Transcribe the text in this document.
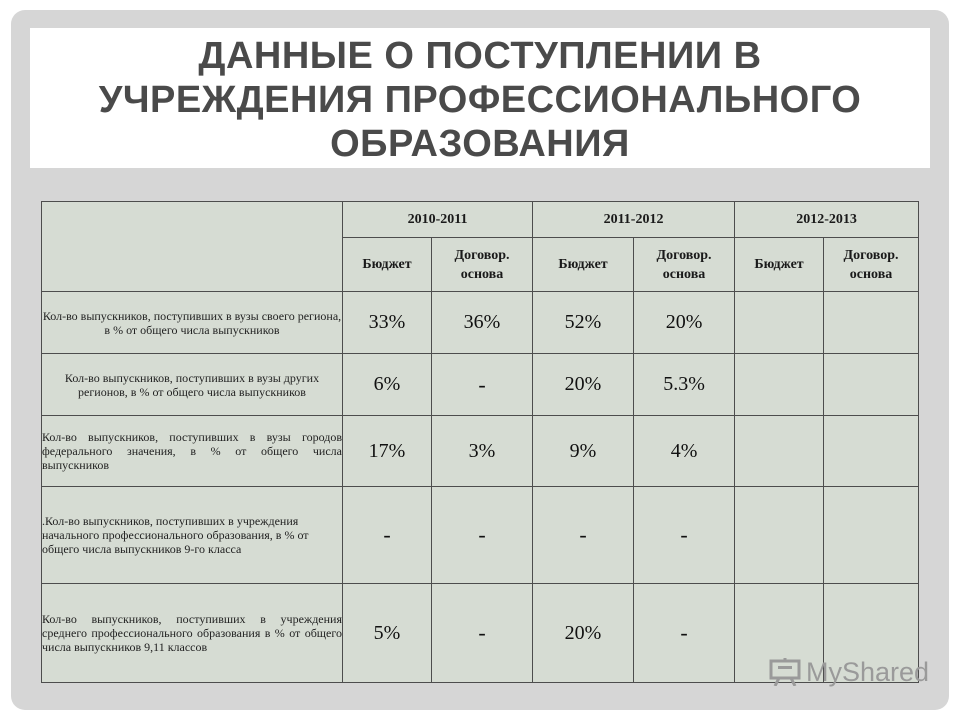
ДАННЫЕ О ПОСТУПЛЕНИИ В
УЧРЕЖДЕНИЯ ПРОФЕССИОНАЛЬНОГО
ОБРАЗОВАНИЯ
	2010-2011		2011-2012		2012-2013	
	Бюджет	Договор. основа	Бюджет	Договор. основа	Бюджет	Договор. основа
Кол-во выпускников, поступивших в вузы своего региона, в % от общего числа выпускников	33%	36%	52%	20%		
Кол-во выпускников, поступивших в вузы других регионов, в % от общего числа выпускников	6%	-	20%	5.3%		
Кол-во выпускников, поступивших в вузы городов федерального значения, в % от общего числа выпускников	17%	3%	9%	4%		
.Кол-во выпускников, поступивших в учреждения начального профессионального образования, в % от общего числа выпускников 9-го класса	-	-	-	-		
Кол-во выпускников, поступивших в учреждения среднего профессионального образования в % от общего числа выпускников 9,11 классов	5%	-	20%	-		
MyShared
